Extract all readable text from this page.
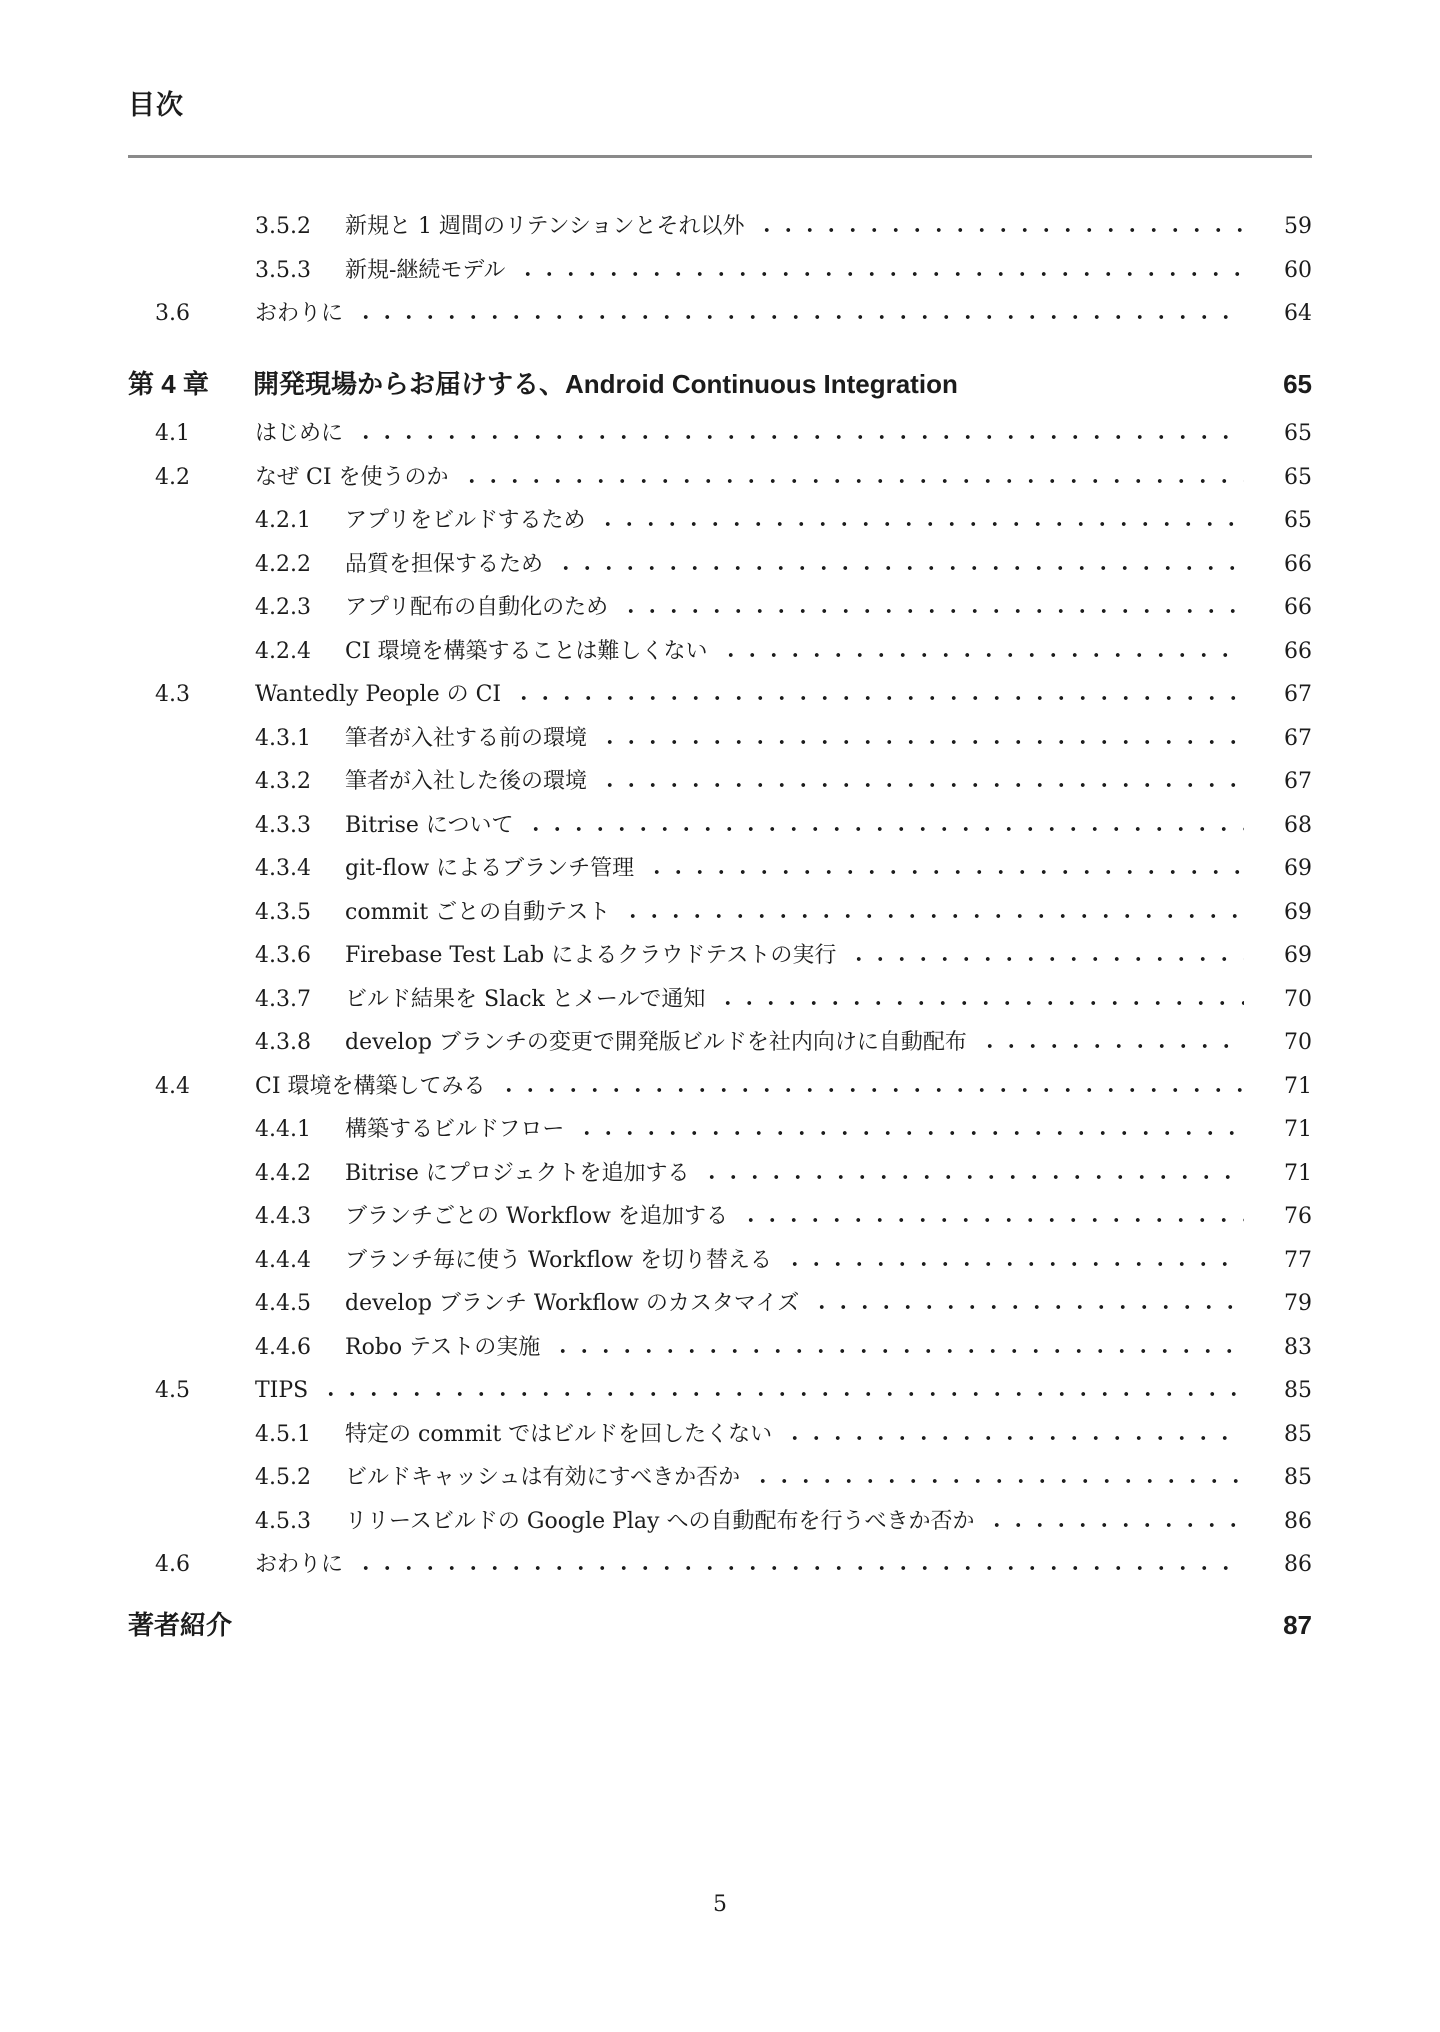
目次
3.5.2	新規と 1 週間のリテンションとそれ以外	59
3.5.3	新規-継続モデル	60
3.6	おわりに	64
第 4 章	開発現場からお届けする、Android Continuous Integration	65
4.1	はじめに	65
4.2	なぜ CI を使うのか	65
4.2.1	アプリをビルドするため	65
4.2.2	品質を担保するため	66
4.2.3	アプリ配布の自動化のため	66
4.2.4	CI 環境を構築することは難しくない	66
4.3	Wantedly People の CI	67
4.3.1	筆者が入社する前の環境	67
4.3.2	筆者が入社した後の環境	67
4.3.3	Bitrise について	68
4.3.4	git-flow によるブランチ管理	69
4.3.5	commit ごとの自動テスト	69
4.3.6	Firebase Test Lab によるクラウドテストの実行	69
4.3.7	ビルド結果を Slack とメールで通知	70
4.3.8	develop ブランチの変更で開発版ビルドを社内向けに自動配布	70
4.4	CI 環境を構築してみる	71
4.4.1	構築するビルドフロー	71
4.4.2	Bitrise にプロジェクトを追加する	71
4.4.3	ブランチごとの Workflow を追加する	76
4.4.4	ブランチ毎に使う Workflow を切り替える	77
4.4.5	develop ブランチ Workflow のカスタマイズ	79
4.4.6	Robo テストの実施	83
4.5	TIPS	85
4.5.1	特定の commit ではビルドを回したくない	85
4.5.2	ビルドキャッシュは有効にすべきか否か	85
4.5.3	リリースビルドの Google Play への自動配布を行うべきか否か	86
4.6	おわりに	86
著者紹介	87
5
